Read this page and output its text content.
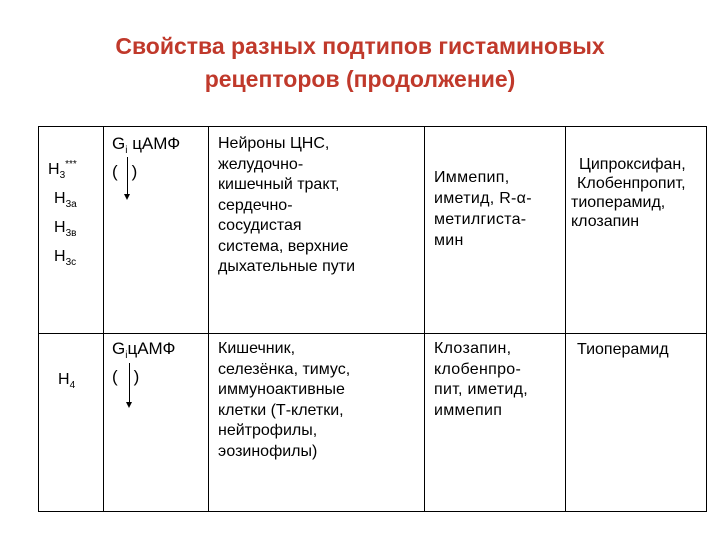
Свойства разных подтипов гистаминовых
рецепторов (продолжение)
$H_3^{***}$
$H_{3a}$
$H_{3в}$
$H_{3c}$
$G_i$ цАМФ
( )
Нейроны ЦНС,
желудочно-
кишечный тракт,
сердечно-
сосудистая
система, верхние
дыхательные пути
Иммепип,
иметид, R-α-
метилгиста-
мин
Ципроксифан,
Клобенпропит,
тиоперамид,
клозапин
$H_4$
$G_iцАМФ$
( )
Кишечник,
селезёнка, тимус,
иммуноактивные
клетки (Т-клетки,
нейтрофилы,
эозинофилы)
Клозапин,
клобенпро-
пит, иметид,
иммепип
Тиоперамид
